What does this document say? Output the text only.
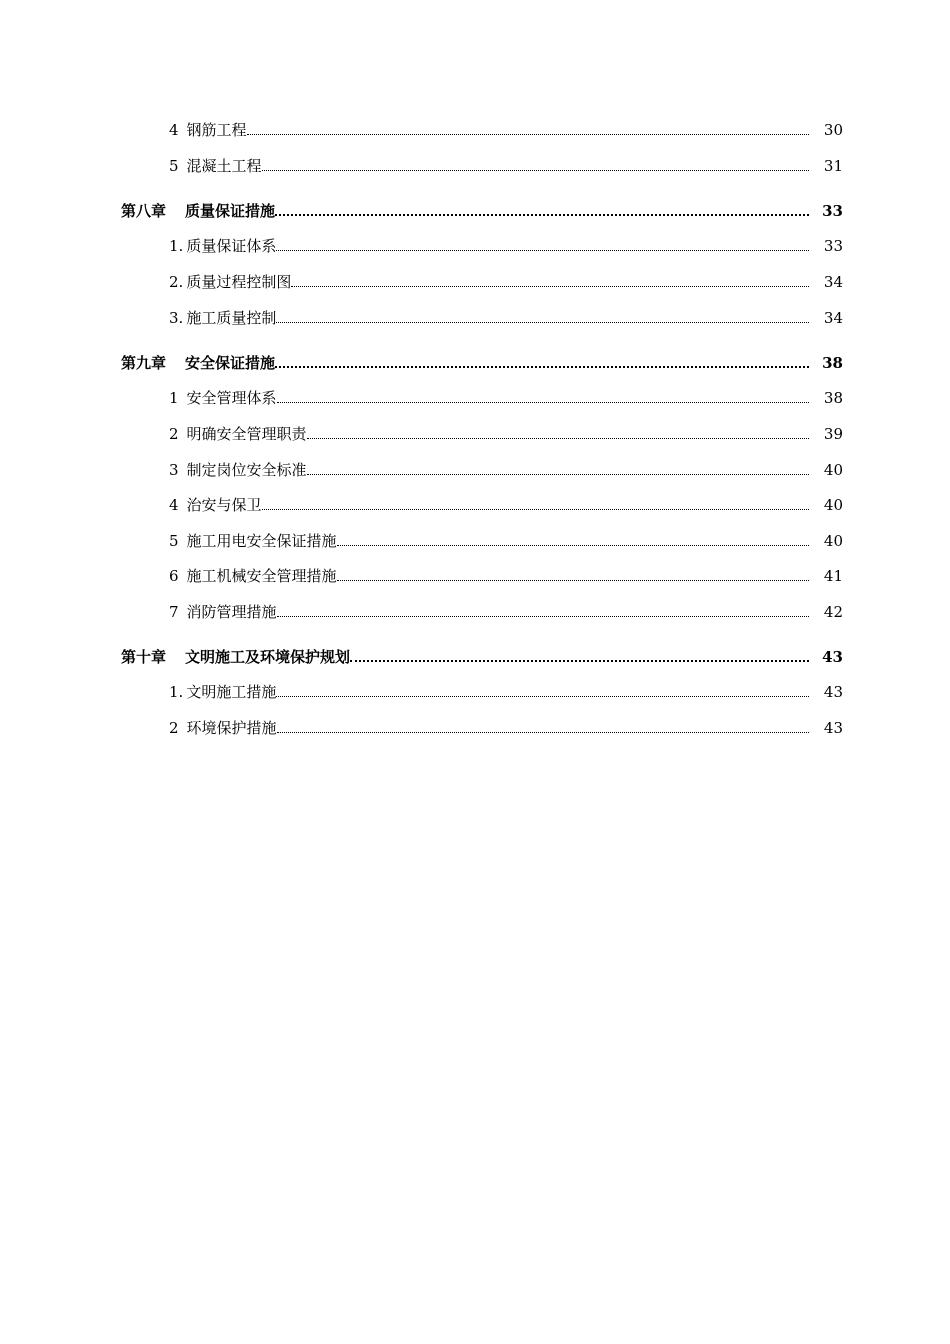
4 钢筋工程	30
5 混凝土工程	31
第八章 质量保证措施	33
1. 质量保证体系	33
2. 质量过程控制图	34
3. 施工质量控制	34
第九章 安全保证措施	38
1 安全管理体系	38
2 明确安全管理职责	39
3 制定岗位安全标准	40
4 治安与保卫	40
5 施工用电安全保证措施	40
6 施工机械安全管理措施	41
7 消防管理措施	42
第十章 文明施工及环境保护规划	43
1. 文明施工措施	43
2 环境保护措施	43
